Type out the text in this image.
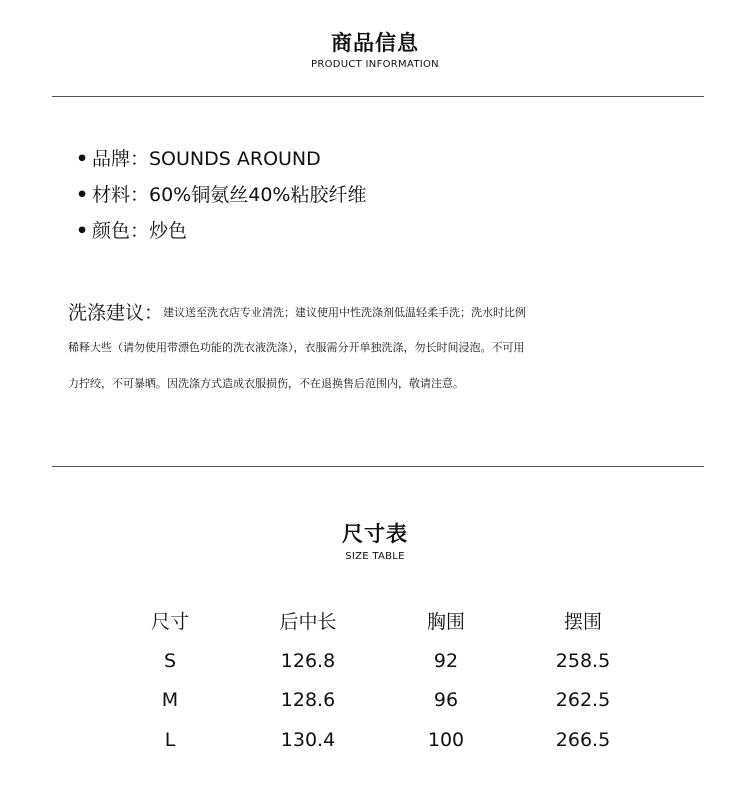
商品信息
PRODUCT INFORMATION
• 品牌：SOUNDS AROUND
• 材料：60%铜氨丝40%粘胶纤维
• 颜色：炒色
洗涤建议：建议送至洗衣店专业清洗；建议使用中性洗涤剂低温轻柔手洗；洗水时比例
稀释大些（请勿使用带漂色功能的洗衣液洗涤），衣服需分开单独洗涤，勿长时间浸泡。不可用
力拧绞，不可暴晒。因洗涤方式造成衣服损伤，不在退换售后范围内，敬请注意。
尺寸表
SIZE TABLE
尺寸	后中长	胸围	摆围
S	126.8	92	258.5
M	128.6	96	262.5
L	130.4	100	266.5
